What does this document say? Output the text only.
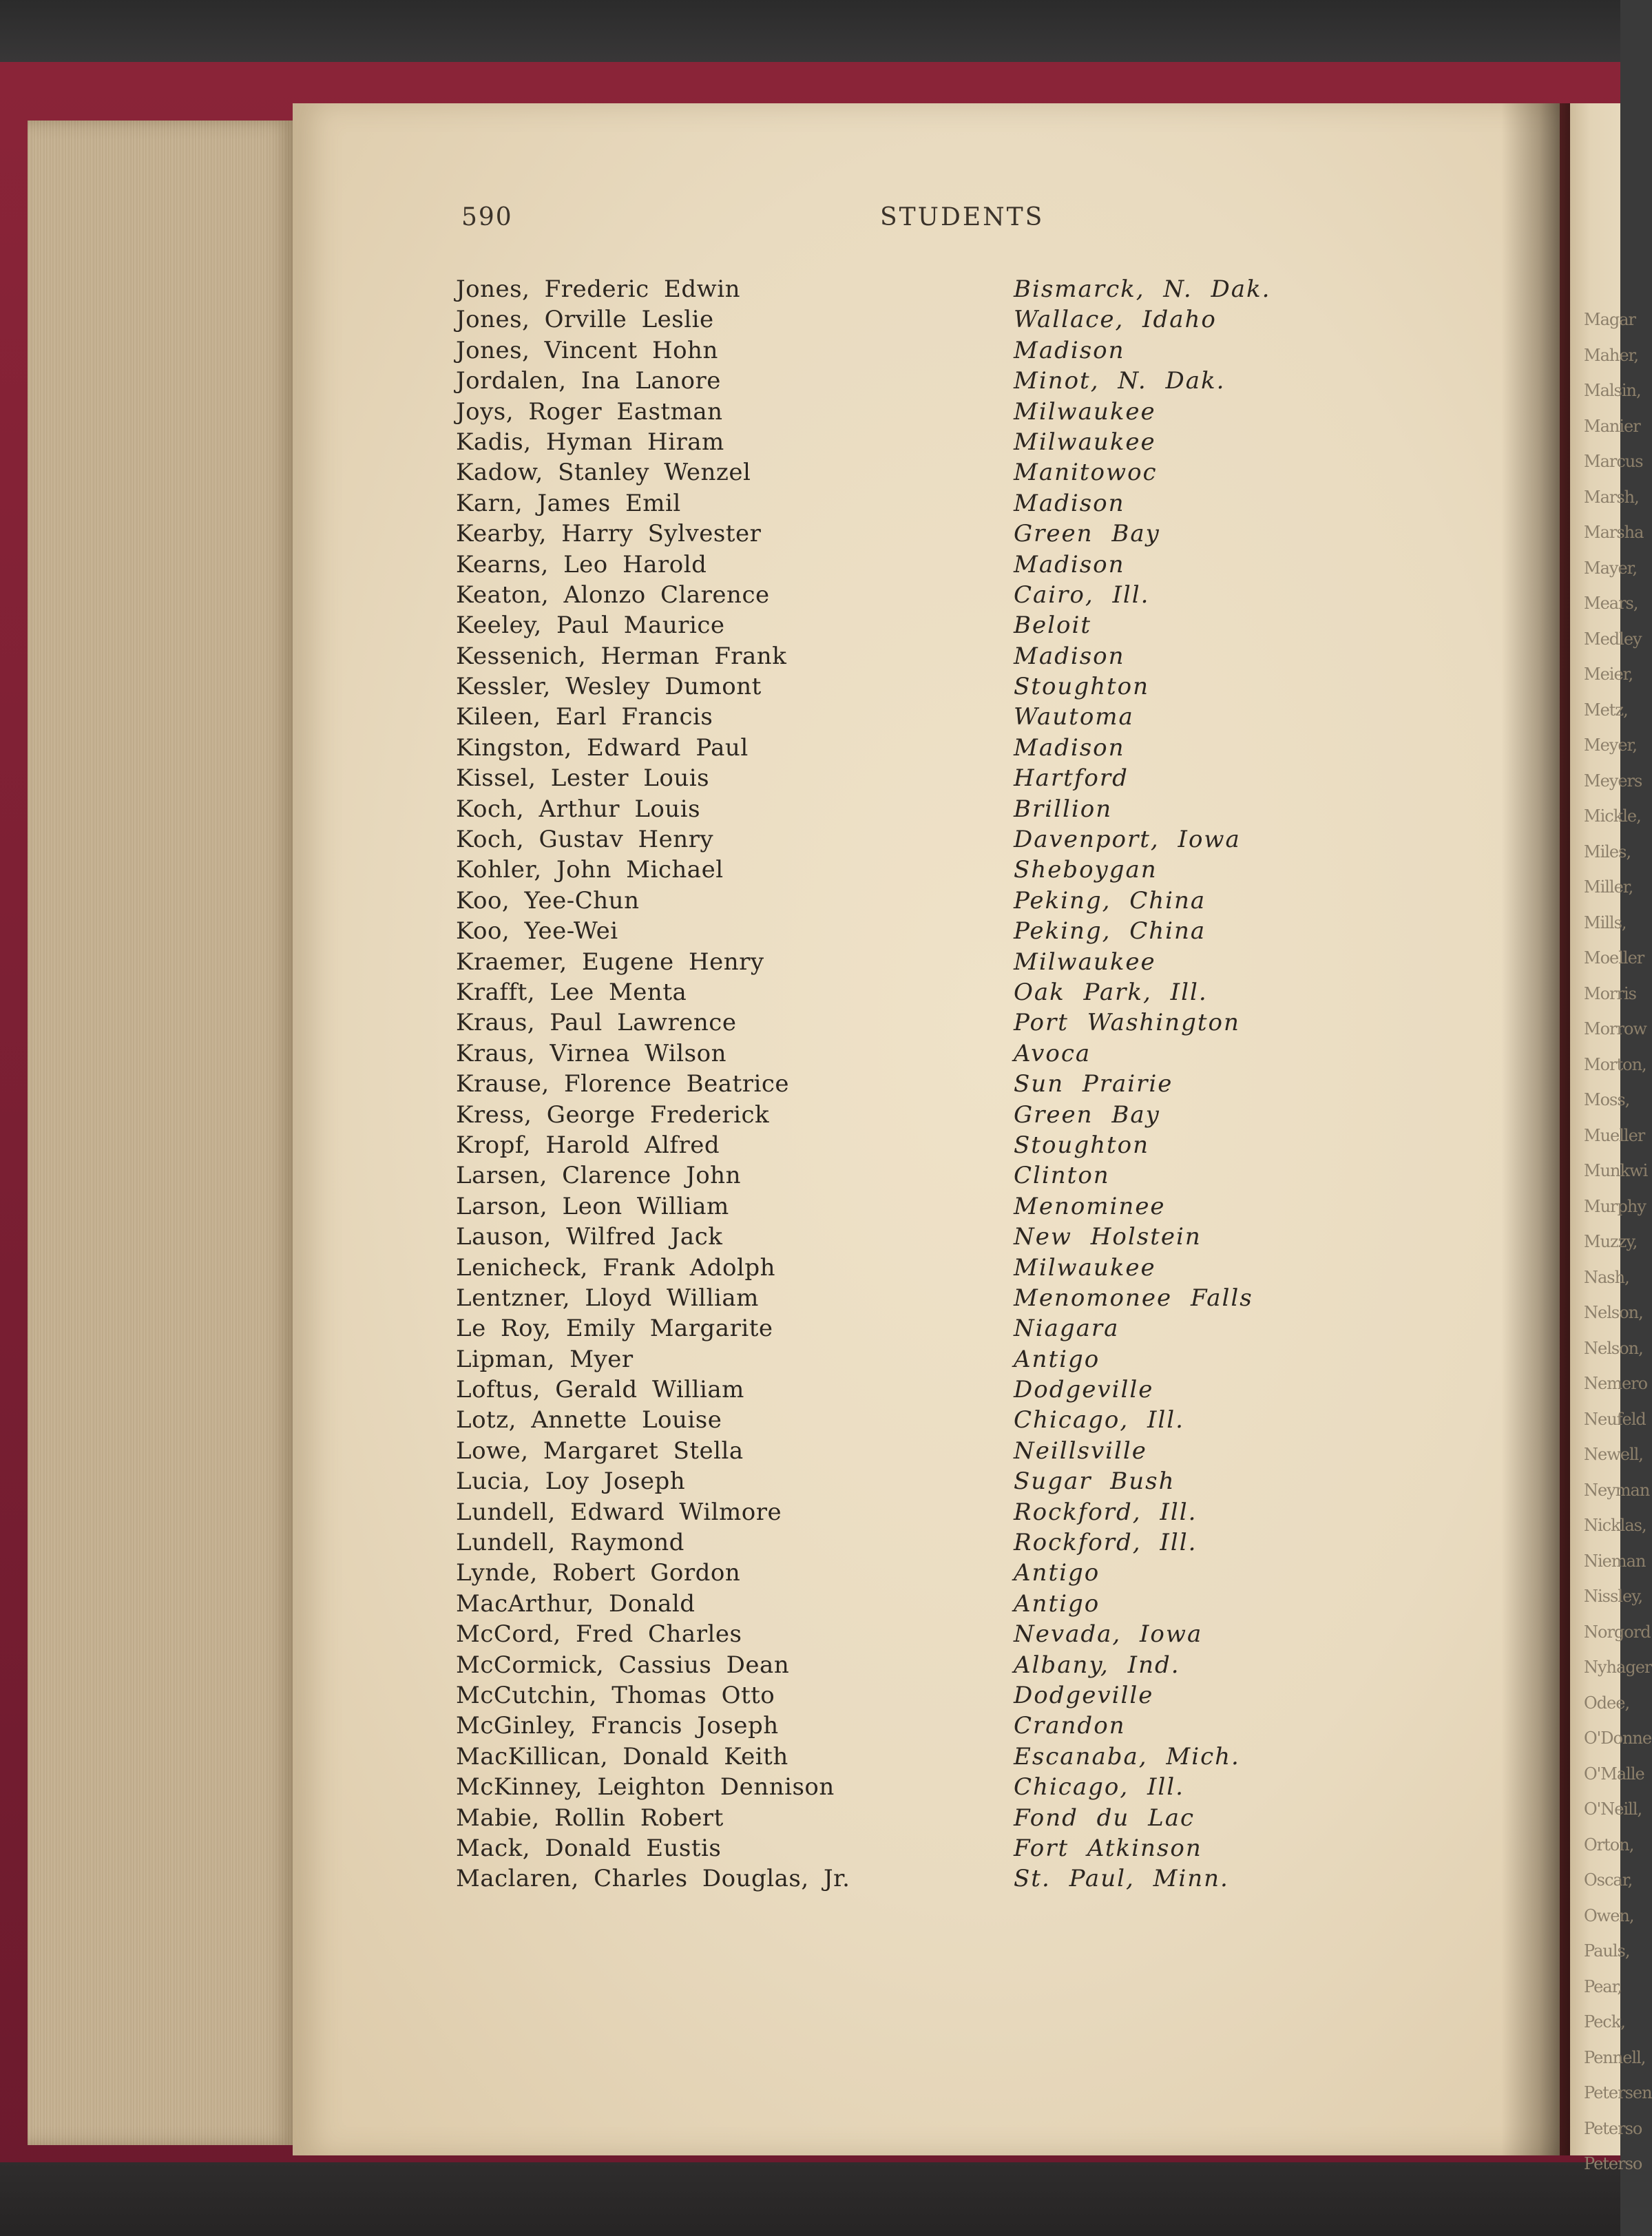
Magar
Maher,
Malsin,
Manier
Marcus
Marsh,
Marsha
Mayer,
Mears,
Medley
Meier,
Metz,
Meyer,
Meyers
Mickle,
Miles,
Miller,
Mills,
Moeller
Morris
Morrow
Morton,
Moss,
Mueller
Munkwi
Murphy
Muzzy,
Nash,
Nelson,
Nelson,
Nemero
Neufeld
Newell,
Neyman
Nicklas,
Nieman
Nissley,
Norgord
Nyhager
Odee,
O'Donne
O'Malle
O'Neill,
Orton,
Oscar,
Owen,
Pauls,
Pear,
Peck,
Pennell,
Petersen
Peterso
Peterso
590	STUDENTS
Jones, Frederic Edwin	Bismarck, N. Dak.
Jones, Orville Leslie	Wallace, Idaho
Jones, Vincent Hohn	Madison
Jordalen, Ina Lanore	Minot, N. Dak.
Joys, Roger Eastman	Milwaukee
Kadis, Hyman Hiram	Milwaukee
Kadow, Stanley Wenzel	Manitowoc
Karn, James Emil	Madison
Kearby, Harry Sylvester	Green Bay
Kearns, Leo Harold	Madison
Keaton, Alonzo Clarence	Cairo, Ill.
Keeley, Paul Maurice	Beloit
Kessenich, Herman Frank	Madison
Kessler, Wesley Dumont	Stoughton
Kileen, Earl Francis	Wautoma
Kingston, Edward Paul	Madison
Kissel, Lester Louis	Hartford
Koch, Arthur Louis	Brillion
Koch, Gustav Henry	Davenport, Iowa
Kohler, John Michael	Sheboygan
Koo, Yee-Chun	Peking, China
Koo, Yee-Wei	Peking, China
Kraemer, Eugene Henry	Milwaukee
Krafft, Lee Menta	Oak Park, Ill.
Kraus, Paul Lawrence	Port Washington
Kraus, Virnea Wilson	Avoca
Krause, Florence Beatrice	Sun Prairie
Kress, George Frederick	Green Bay
Kropf, Harold Alfred	Stoughton
Larsen, Clarence John	Clinton
Larson, Leon William	Menominee
Lauson, Wilfred Jack	New Holstein
Lenicheck, Frank Adolph	Milwaukee
Lentzner, Lloyd William	Menomonee Falls
Le Roy, Emily Margarite	Niagara
Lipman, Myer	Antigo
Loftus, Gerald William	Dodgeville
Lotz, Annette Louise	Chicago, Ill.
Lowe, Margaret Stella	Neillsville
Lucia, Loy Joseph	Sugar Bush
Lundell, Edward Wilmore	Rockford, Ill.
Lundell, Raymond	Rockford, Ill.
Lynde, Robert Gordon	Antigo
MacArthur, Donald	Antigo
McCord, Fred Charles	Nevada, Iowa
McCormick, Cassius Dean	Albany, Ind.
McCutchin, Thomas Otto	Dodgeville
McGinley, Francis Joseph	Crandon
MacKillican, Donald Keith	Escanaba, Mich.
McKinney, Leighton Dennison	Chicago, Ill.
Mabie, Rollin Robert	Fond du Lac
Mack, Donald Eustis	Fort Atkinson
Maclaren, Charles Douglas, Jr.	St. Paul, Minn.
